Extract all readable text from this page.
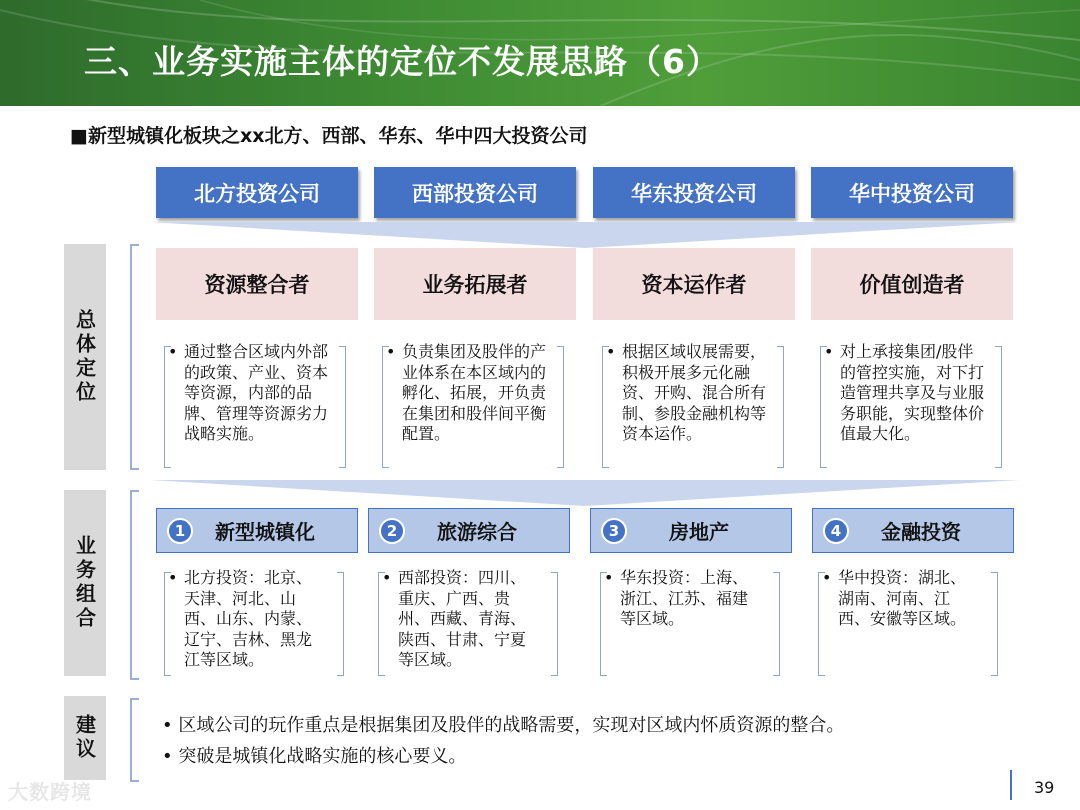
三、业务实施主体的定位不发展思路（6）
■新型城镇化板块之xx北方、西部、华东、华中四大投资公司
北方投资公司	西部投资公司	华东投资公司	华中投资公司
总体定位
业务组合
建议
资源整合者	业务拓展者	资本运作者	价值创造者
• 通过整合区域内外部的政策、产业、资本等资源，内部的品牌、管理等资源劣力战略实施。
• 负责集团及股伴的产业体系在本区域内的孵化、拓展，开负责在集团和股伴间平衡配置。
• 根据区域収展需要，积极开展多元化融资、开购、混合所有制、参股金融机构等资本运作。
• 对上承接集团/股伴的管控实施，对下打造管理共享及与业服务职能，实现整体价值最大化。
1	新型城镇化	2	旅游综合	3	房地产	4	金融投资
• 北方投资：北京、天津、河北、山西、山东、内蒙、辽宁、吉林、黑龙江等区域。
• 西部投资：四川、重庆、广西、贵州、西藏、青海、陕西、甘肃、宁夏等区域。
• 华东投资：上海、浙江、江苏、福建等区域。
• 华中投资：湖北、湖南、河南、江西、安徽等区域。
• 区域公司的玩作重点是根据集团及股伴的战略需要，实现对区域内怀质资源的整合。
• 突破是城镇化战略实施的核心要义。
39
大数跨境
